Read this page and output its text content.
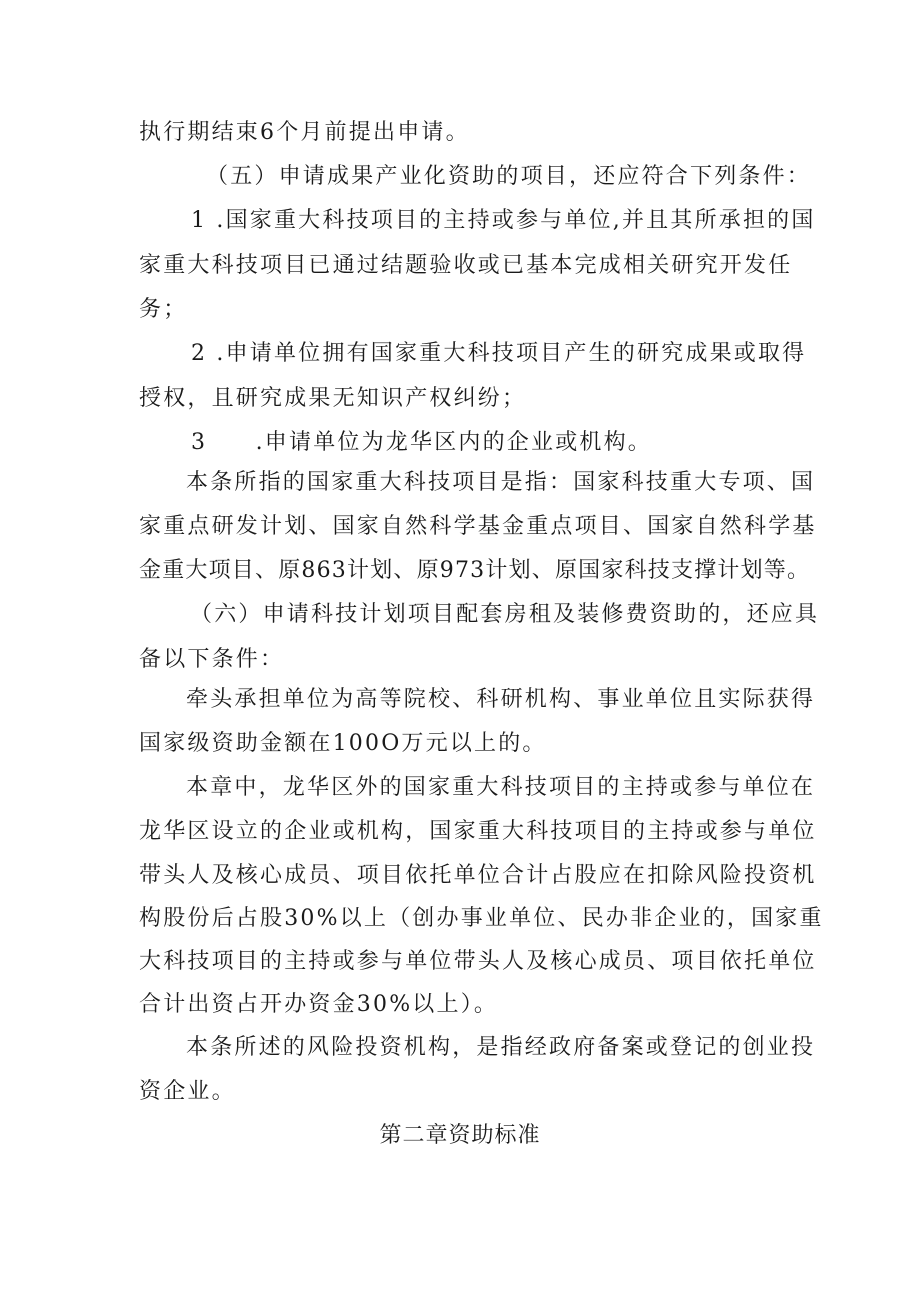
执行期结束6个月前提出申请。
（五）申请成果产业化资助的项目，还应符合下列条件：
1 .国家重大科技项目的主持或参与单位,并且其所承担的国
家重大科技项目已通过结题验收或已基本完成相关研究开发任
务；
2 .申请单位拥有国家重大科技项目产生的研究成果或取得
授权，且研究成果无知识产权纠纷；
3　　.申请单位为龙华区内的企业或机构。
本条所指的国家重大科技项目是指：国家科技重大专项、国
家重点研发计划、国家自然科学基金重点项目、国家自然科学基
金重大项目、原863计划、原973计划、原国家科技支撑计划等。
（六）申请科技计划项目配套房租及装修费资助的，还应具
备以下条件：
牵头承担单位为高等院校、科研机构、事业单位且实际获得
国家级资助金额在100O万元以上的。
本章中，龙华区外的国家重大科技项目的主持或参与单位在
龙华区设立的企业或机构，国家重大科技项目的主持或参与单位
带头人及核心成员、项目依托单位合计占股应在扣除风险投资机
构股份后占股30%以上（创办事业单位、民办非企业的，国家重
大科技项目的主持或参与单位带头人及核心成员、项目依托单位
合计出资占开办资金30%以上）。
本条所述的风险投资机构，是指经政府备案或登记的创业投
资企业。
第二章资助标准
